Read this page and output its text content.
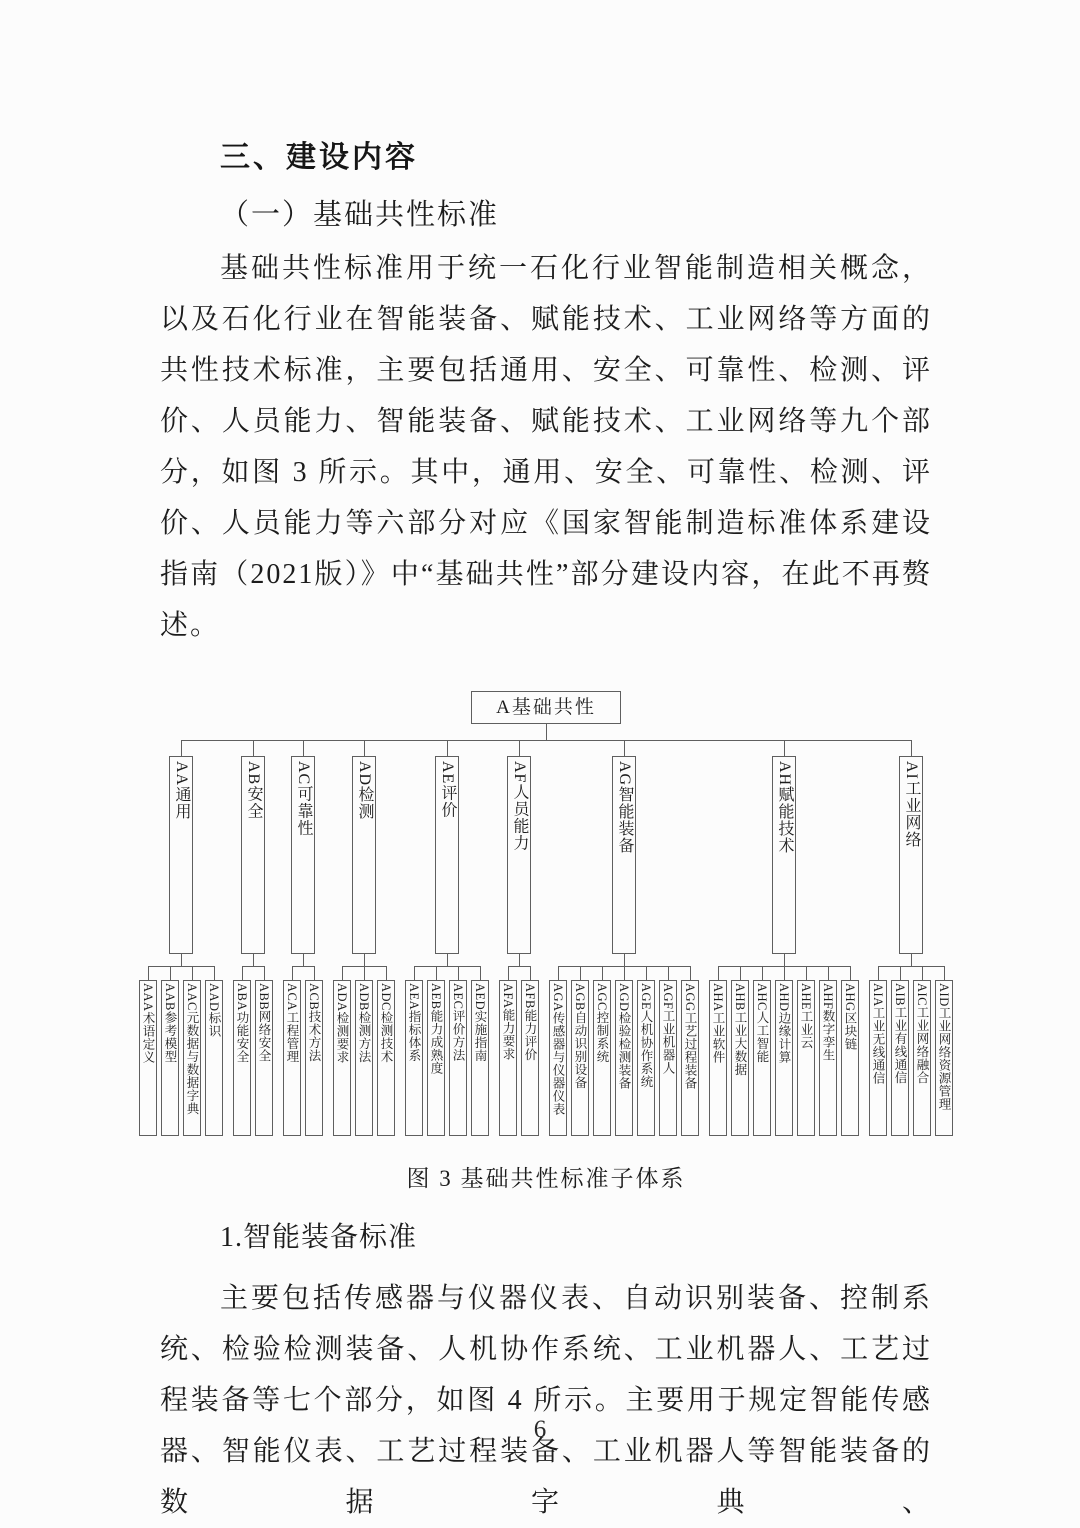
三、建设内容
（一）基础共性标准

基础共性标准用于统一石化行业智能制造相关概念，以及石化行业在智能装备、赋能技术、工业网络等方面的共性技术标准，主要包括通用、安全、可靠性、检测、评价、人员能力、智能装备、赋能技术、工业网络等九个部分，如图 3 所示。其中，通用、安全、可靠性、检测、评价、人员能力等六部分对应《国家智能制造标准体系建设指南（2021版）》中“基础共性”部分建设内容，在此不再赘述。

A基础共性
AA通用
AAA术语定义 AAB参考模型 AAC元数据与数据字典 AAD标识
AB安全
ABA功能安全 ABB网络安全
AC可靠性
ACA工程管理 ACB技术方法
AD检测
ADA检测要求 ADB检测方法 ADC检测技术
AE评价
AEA指标体系 AEB能力成熟度 AEC评价方法 AED实施指南
AF人员能力
AFA能力要求 AFB能力评价
AG智能装备
AGA传感器与仪器仪表 AGB自动识别设备 AGC控制系统 AGD检验检测装备 AGE人机协作系统 AGF工业机器人 AGG工艺过程装备
AH赋能技术
AHA工业软件 AHB工业大数据 AHC人工智能 AHD边缘计算 AHE工业云 AHF数字孪生 AHG区块链
AI工业网络
AIA工业无线通信 AIB工业有线通信 AIC工业网络融合 AID工业网络资源管理
图 3 基础共性标准子体系
1.智能装备标准

主要包括传感器与仪器仪表、自动识别装备、控制系统、检验检测装备、人机协作系统、工业机器人、工艺过程装备等七个部分，如图 4 所示。主要用于规定智能传感器、智能仪表、工艺过程装备、工业机器人等智能装备的数据字典、

6
